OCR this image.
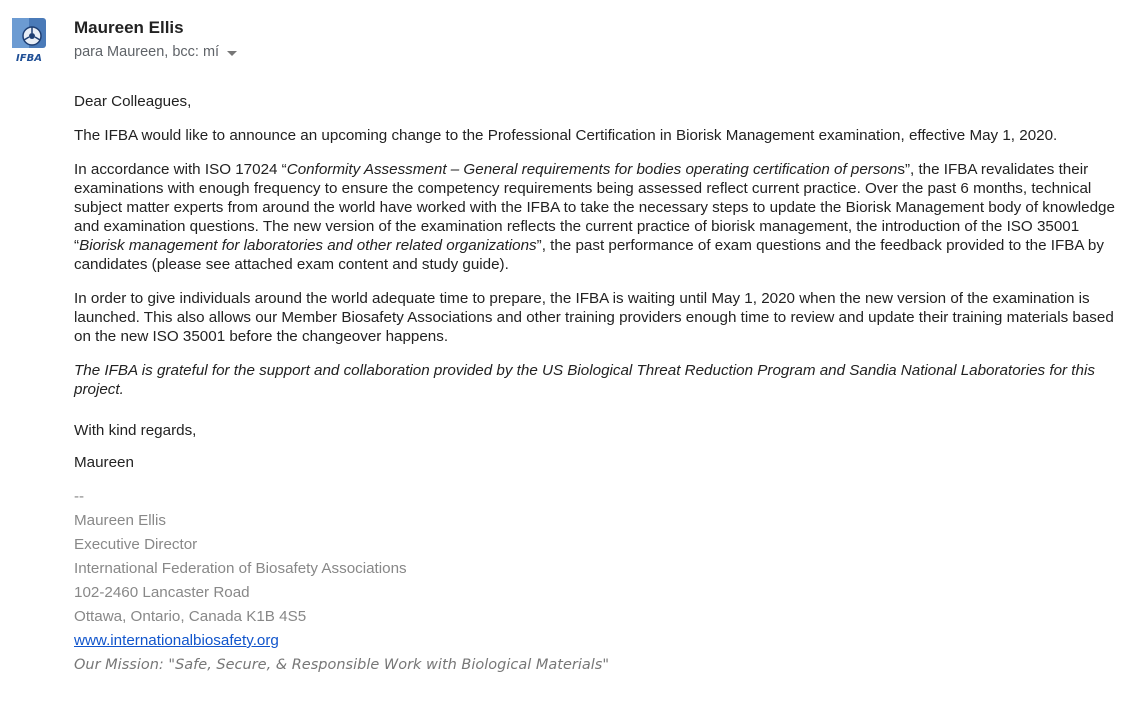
IFBA
Maureen Ellis
para Maureen, bcc: mí

Dear Colleagues,

The IFBA would like to announce an upcoming change to the Professional Certification in Biorisk Management examination, effective May 1, 2020.

In accordance with ISO 17024 “Conformity Assessment – General requirements for bodies operating certification of persons”, the IFBA revalidates their examinations with enough frequency to ensure the competency requirements being assessed reflect current practice. Over the past 6 months, technical subject matter experts from around the world have worked with the IFBA to take the necessary steps to update the Biorisk Management body of knowledge and examination questions. The new version of the examination reflects the current practice of biorisk management, the introduction of the ISO 35001 “Biorisk management for laboratories and other related organizations”, the past performance of exam questions and the feedback provided to the IFBA by candidates (please see attached exam content and study guide).

In order to give individuals around the world adequate time to prepare, the IFBA is waiting until May 1, 2020 when the new version of the examination is launched. This also allows our Member Biosafety Associations and other training providers enough time to review and update their training materials based on the new ISO 35001 before the changeover happens.

The IFBA is grateful for the support and collaboration provided by the US Biological Threat Reduction Program and Sandia National Laboratories for this project.

With kind regards,

Maureen

--
Maureen Ellis
Executive Director
International Federation of Biosafety Associations
102-2460 Lancaster Road
Ottawa, Ontario, Canada K1B 4S5
www.internationalbiosafety.org
Our Mission: "Safe, Secure, & Responsible Work with Biological Materials"
